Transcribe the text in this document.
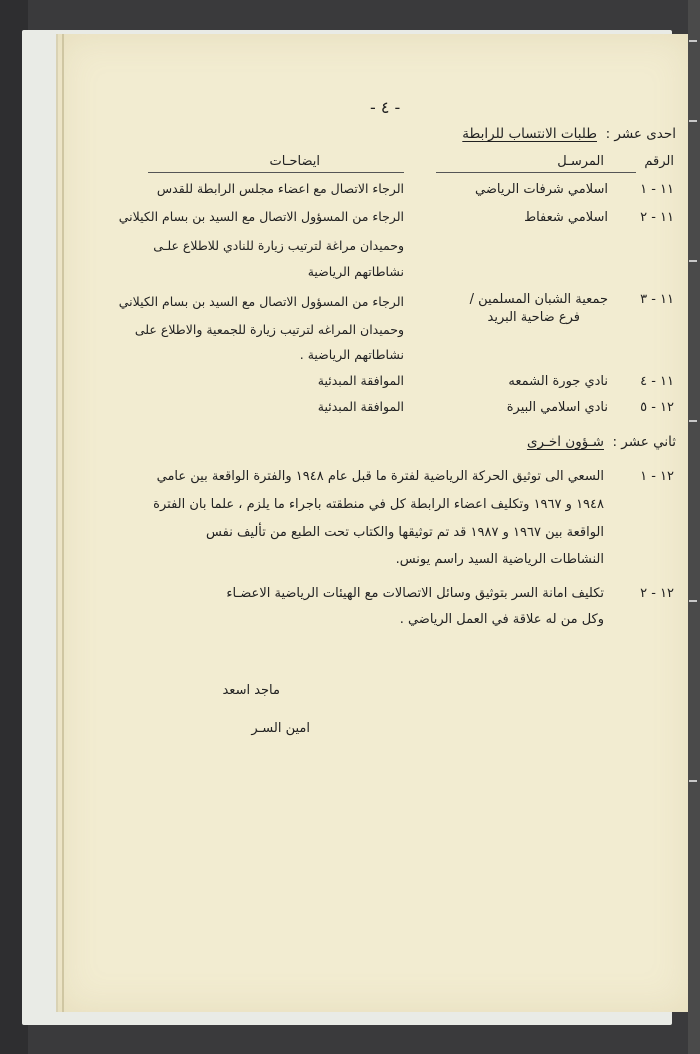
- ٤ -
احدى عشر :
طلبات الانتساب للرابطة
الرقم
المرسـل
ايضاحـات
١١ - ١
اسلامي شرفات الرياضي
الرجاء الاتصال مع اعضاء مجلس الرابطة للقدس
١١ - ٢
اسلامي شعفاط
الرجاء من المسؤول الاتصال مع السيد بن بسام الكيلاني
وحميدان مراغة لترتيب زيارة للنادي للاطلاع علـى
نشاطاتهم الرياضية
١١ - ٣
جمعية الشبان المسلمين /
فرع ضاحية البريد
الرجاء من المسؤول الاتصال مع السيد بن بسام الكيلاني
وحميدان المراغه لترتيب زيارة للجمعية والاطلاع على
نشاطاتهم الرياضية .
١١ - ٤
نادي جورة الشمعه
الموافقة المبدئية
١٢ - ٥
نادي اسلامي البيرة
الموافقة المبدئية
ثاني عشر :
شـؤون اخـرى
١٢ - ١
السعي الى توثيق الحركة الرياضية لفترة ما قبل عام ١٩٤٨ والفترة الواقعة بين عامي
١٩٤٨ و ١٩٦٧ وتكليف اعضاء الرابطة كل في منطقته باجراء ما يلزم ، علما بان الفترة
الواقعة بين ١٩٦٧ و ١٩٨٧ قد تم توثيقها والكتاب تحت الطبع من تأليف نفس
النشاطات الرياضية السيد راسم يونس.
١٢ - ٢
تكليف امانة السر بتوثيق وسائل الاتصالات مع الهيئات الرياضية الاعضـاء
وكل من له علاقة في العمل الرياضي .
ماجد اسعد
امين السـر
